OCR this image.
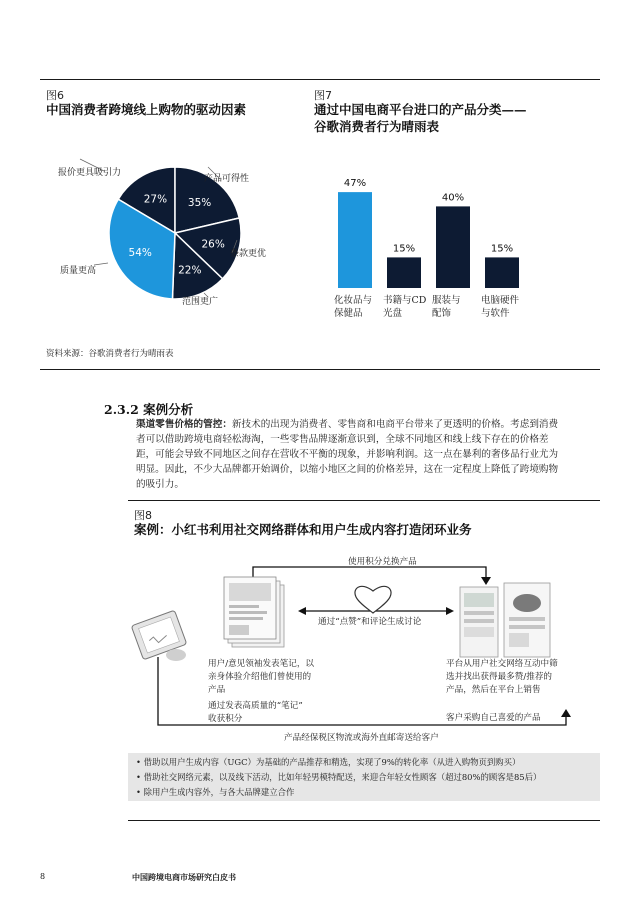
图6
中国消费者跨境线上购物的驱动因素
27% 35%
26%
22%
54%
报价更具吸引力
产品可得性
条款更优
范围更广
质量更高
图7
通过中国电商平台进口的产品分类——
谷歌消费者行为晴雨表
47%
化妆品与
保健品
15%
书籍与CD
光盘
40%
服装与
配饰
15%
电脑硬件
与软件
资料来源：谷歌消费者行为晴雨表
2.3.2 案例分析
渠道零售价格的管控：新技术的出现为消费者、零售商和电商平台带来了更透明的价格。考虑到消费
者可以借助跨境电商轻松海淘，一些零售品牌逐渐意识到，全球不同地区和线上线下存在的价格差
距，可能会导致不同地区之间存在营收不平衡的现象，并影响利润。这一点在暴利的奢侈品行业尤为
明显。因此，不少大品牌都开始调价，以缩小地区之间的价格差异，这在一定程度上降低了跨境购物
的吸引力。
图8
案例：小红书利用社交网络群体和用户生成内容打造闭环业务
使用积分兑换产品
通过“点赞”和评论生成讨论
用户/意见领袖发表笔记，以亲身体验介绍他们曾使用的产品
通过发表高质量的“笔记”
收获积分
平台从用户社交网络互动中筛选并找出获得最多赞/推荐的产品，然后在平台上销售
客户采购自己喜爱的产品
产品经保税区物流或海外直邮寄送给客户
• 借助以用户生成内容（UGC）为基础的产品推荐和精选，实现了9%的转化率（从进入购物页到购买）
• 借助社交网络元素，以及线下活动，比如年轻男模特配送，来迎合年轻女性顾客（超过80%的顾客是85后）
• 除用户生成内容外，与各大品牌建立合作
8	中国跨境电商市场研究白皮书
